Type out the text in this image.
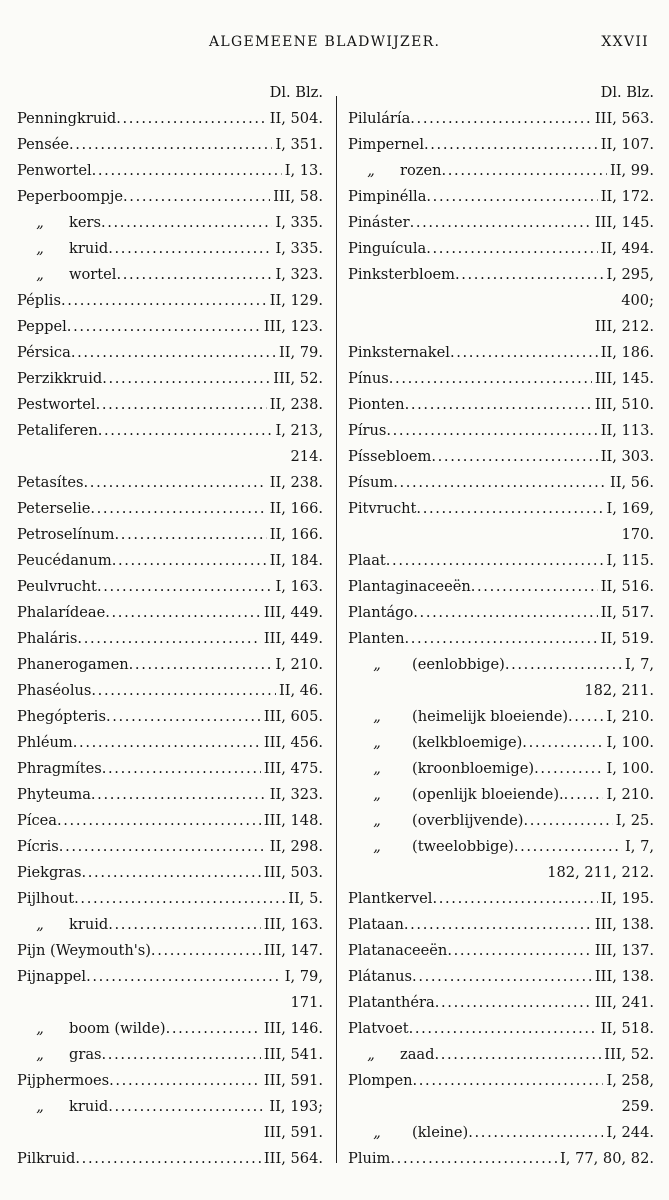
ALGEMEENE BLADWIJZER.	XXVII
Dl. Blz.
Penningkruid . . .	II, 504.
Pensée . . .	I, 351.
Penwortel . . .	I, 13.
Peperboompje . . .	III, 58.
„	kers . . .	I, 335.
„	kruid . . .	I, 335.
„	wortel . . .	I, 323.
Péplis . . .	II, 129.
Peppel . . .	III, 123.
Pérsica . . .	II, 79.
Perzikkruid . . .	III, 52.
Pestwortel . . .	II, 238.
Petaliferen . . .	I, 213,
214.
Petasítes . . .	II, 238.
Peterselie . . .	II, 166.
Petroselínum . . .	II, 166.
Peucédanum . . .	II, 184.
Peulvrucht . . .	I, 163.
Phalarídeae . . .	III, 449.
Phaláris . . .	III, 449.
Phanerogamen . . .	I, 210.
Phaséolus . . .	II, 46.
Phegópteris . . .	III, 605.
Phléum . . .	III, 456.
Phragmítes . . .	III, 475.
Phyteuma . . .	II, 323.
Pícea . . .	III, 148.
Pícris . . .	II, 298.
Piekgras . . .	III, 503.
Pijlhout . . .	II, 5.
„	kruid . . .	III, 163.
Pijn (Weymouth's) . . .	III, 147.
Pijnappel . . .	I, 79,
171.
„	boom (wilde) . . .	III, 146.
„	gras . . .	III, 541.
Pijphermoes . . .	III, 591.
„	kruid . . .	II, 193;
III, 591.
Pilkruid . . .	III, 564.
Dl. Blz.
Piluláría . . .	III, 563.
Pimpernel . . .	II, 107.
„	rozen . . .	II, 99.
Pimpinélla . . .	II, 172.
Pináster . . .	III, 145.
Pinguícula . . .	II, 494.
Pinksterbloem . . .	I, 295,
400;
III, 212.
Pinksternakel . . .	II, 186.
Pínus . . .	III, 145.
Pionten . . .	III, 510.
Pírus . . .	II, 113.
Píssebloem . . .	II, 303.
Písum . . .	II, 56.
Pitvrucht . . .	I, 169,
170.
Plaat . . .	I, 115.
Plantaginaceeën . . .	II, 516.
Plantágo . . .	II, 517.
Planten . . .	II, 519.
„	(eenlobbige) . . .	I, 7,
182, 211.
„	(heimelijk bloeiende) . . .	I, 210.
„	(kelkbloemige) . . .	I, 100.
„	(kroonbloemige) . . .	I, 100.
„	(openlijk bloeiende). . . .	I, 210.
„	(overblijvende) . . .	I, 25.
„	(tweelobbige) . . .	I, 7,
182, 211, 212.
Plantkervel . . .	II, 195.
Plataan . . .	III, 138.
Platanaceeën . . .	III, 137.
Plátanus . . .	III, 138.
Platanthéra . . .	III, 241.
Platvoet . . .	II, 518.
„	zaad . . .	III, 52.
Plompen . . .	I, 258,
259.
„	(kleine) . . .	I, 244.
Pluim . . .	I, 77, 80, 82.
